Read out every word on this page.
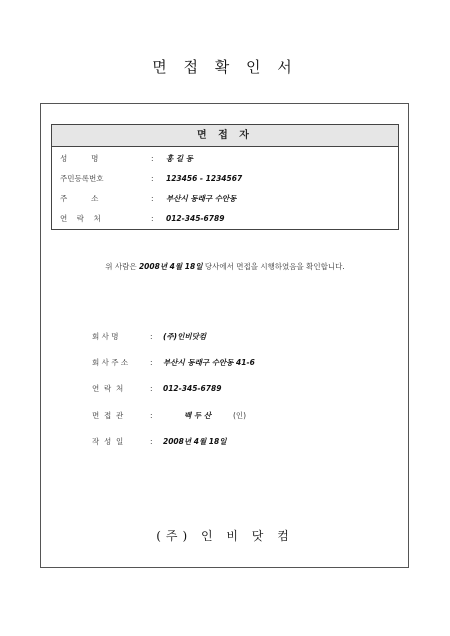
면 접 확 인 서
면 접 자
성          명	: 홍 길 동
주민등록번호	: 123456 - 1234567
주          소	: 부산시 동래구 수안동
연    락    처	: 012-345-6789
위 사람은 2008년 4월 18일 당사에서 면접을 시행하였음을 확인합니다.
회 사 명	: (주)인비닷컴
회 사 주 소	: 부산시 동래구 수안동 41-6
연  락  처	: 012-345-6789
면  접  관	:	백 두 산	(인)
작  성  일	: 2008년 4월 18일
(주) 인 비 닷 컴
